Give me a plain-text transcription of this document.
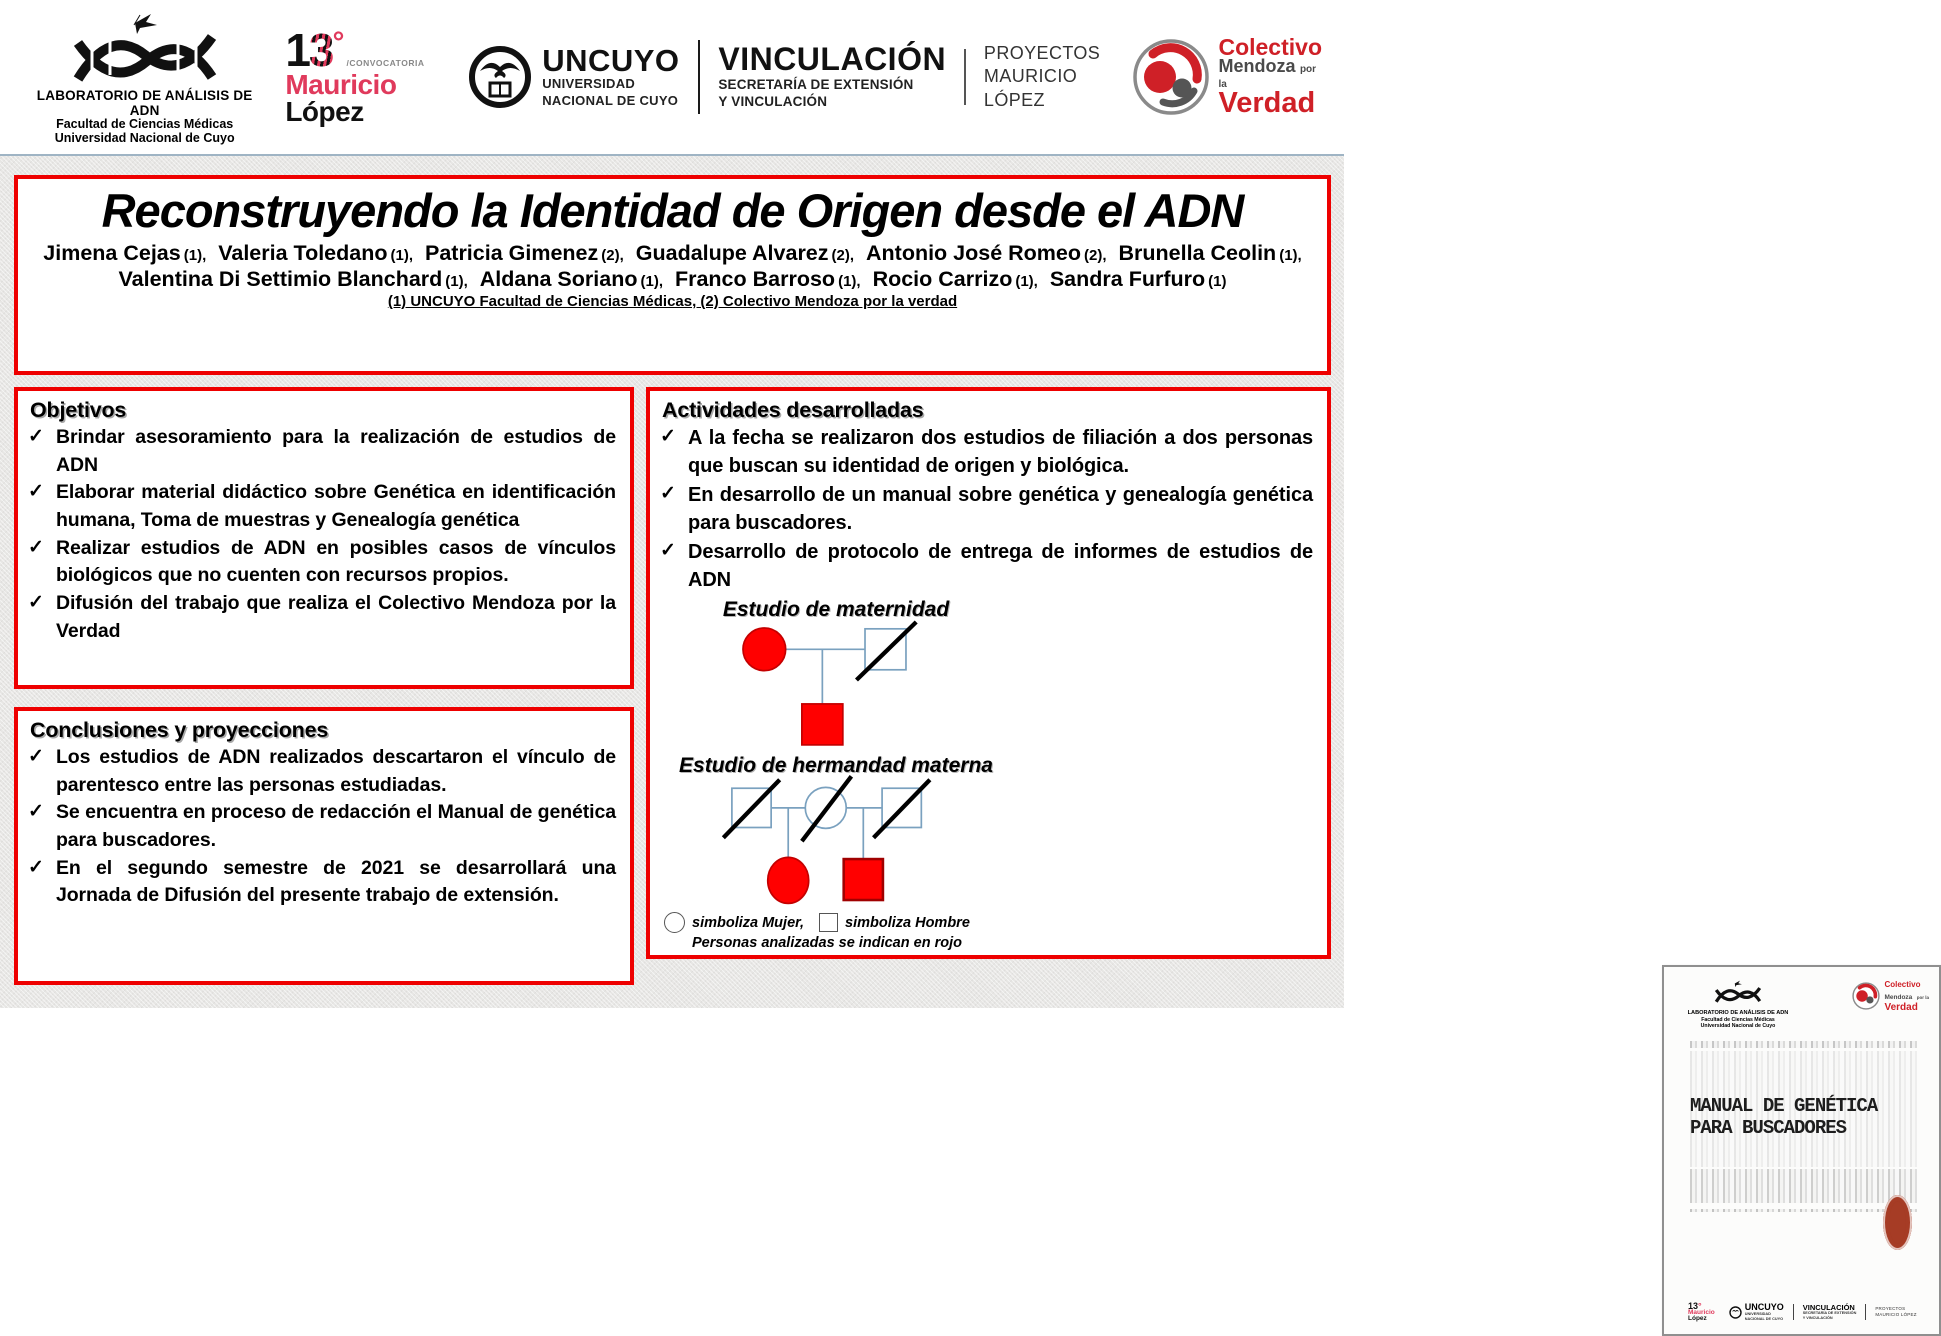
LABORATORIO DE ANÁLISIS DE ADN
Facultad de Ciencias Médicas
Universidad Nacional de Cuyo
13°/CONVOCATORIA
Mauricio
López
UNCUYO
UNIVERSIDAD
NACIONAL DE CUYO
VINCULACIÓN
SECRETARÍA DE EXTENSIÓN
Y VINCULACIÓN
PROYECTOS
MAURICIO LÓPEZ
Colectivo
Mendoza por la
Verdad
Reconstruyendo la Identidad de Origen desde el ADN
Jimena Cejas (1), Valeria Toledano (1), Patricia Gimenez (2), Guadalupe Alvarez (2), Antonio José Romeo (2), Brunella Ceolin (1), Valentina Di Settimio Blanchard (1), Aldana Soriano (1), Franco Barroso (1), Rocio Carrizo (1), Sandra Furfuro (1)
(1) UNCUYO Facultad de Ciencias Médicas, (2) Colectivo Mendoza por la verdad
Objetivos
✓ Brindar asesoramiento para la realización de estudios de ADN
✓ Elaborar material didáctico sobre Genética en identificación humana, Toma de muestras y Genealogía genética
✓ Realizar estudios de ADN en posibles casos de vínculos biológicos que no cuenten con recursos propios.
✓ Difusión del trabajo que realiza el Colectivo Mendoza por la Verdad
Conclusiones y proyecciones
✓ Los estudios de ADN realizados descartaron el vínculo de parentesco entre las personas estudiadas.
✓ Se encuentra en proceso de redacción el Manual de genética para buscadores.
✓ En el segundo semestre de 2021 se desarrollará una Jornada de Difusión del presente trabajo de extensión.
Actividades desarrolladas
✓ A la fecha se realizaron dos estudios de filiación a dos personas que buscan su identidad de origen y biológica.
✓ En desarrollo de un manual sobre genética y genealogía genética para buscadores.
✓ Desarrollo de protocolo de entrega de informes de estudios de ADN
Estudio de maternidad
Estudio de hermandad materna
simboliza Mujer,	simboliza Hombre
Personas analizadas se indican en rojo
LABORATORIO DE ANÁLISIS DE ADN
Facultad de Ciencias Médicas
Universidad Nacional de Cuyo
Colectivo
Mendoza por la
Verdad
MANUAL DE GENÉTICA
PARA BUSCADORES
13°
Mauricio
López
UNCUYO
UNIVERSIDAD
NACIONAL DE CUYO
VINCULACIÓN
SECRETARÍA DE EXTENSIÓN
Y VINCULACIÓN
PROYECTOS
MAURICIO LÓPEZ
